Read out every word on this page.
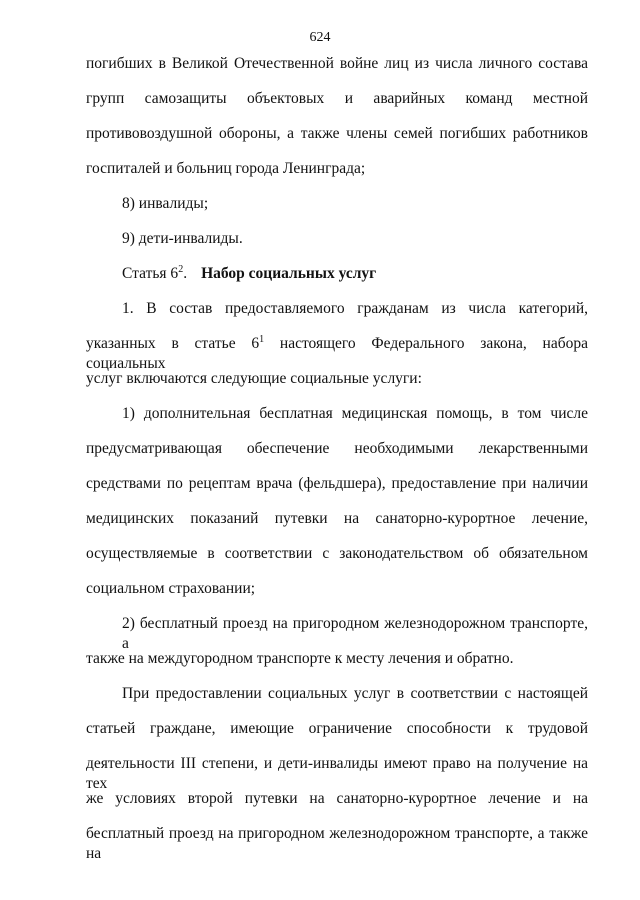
624
погибших в Великой Отечественной войне лиц из числа личного состава
групп самозащиты объектовых и аварийных команд местной
противовоздушной обороны, а также члены семей погибших работников
госпиталей и больниц города Ленинграда;
8) инвалиды;
9) дети-инвалиды.
Статья $6^2$. Набор социальных услуг
1. В состав предоставляемого гражданам из числа категорий,
указанных в статье $6^1$ настоящего Федерального закона, набора социальных
услуг включаются следующие социальные услуги:
1) дополнительная бесплатная медицинская помощь, в том числе
предусматривающая обеспечение необходимыми лекарственными
средствами по рецептам врача (фельдшера), предоставление при наличии
медицинских показаний путевки на санаторно-курортное лечение,
осуществляемые в соответствии с законодательством об обязательном
социальном страховании;
2) бесплатный проезд на пригородном железнодорожном транспорте, а
также на междугородном транспорте к месту лечения и обратно.
При предоставлении социальных услуг в соответствии с настоящей
статьей граждане, имеющие ограничение способности к трудовой
деятельности III степени, и дети-инвалиды имеют право на получение на тех
же условиях второй путевки на санаторно-курортное лечение и на
бесплатный проезд на пригородном железнодорожном транспорте, а также на
